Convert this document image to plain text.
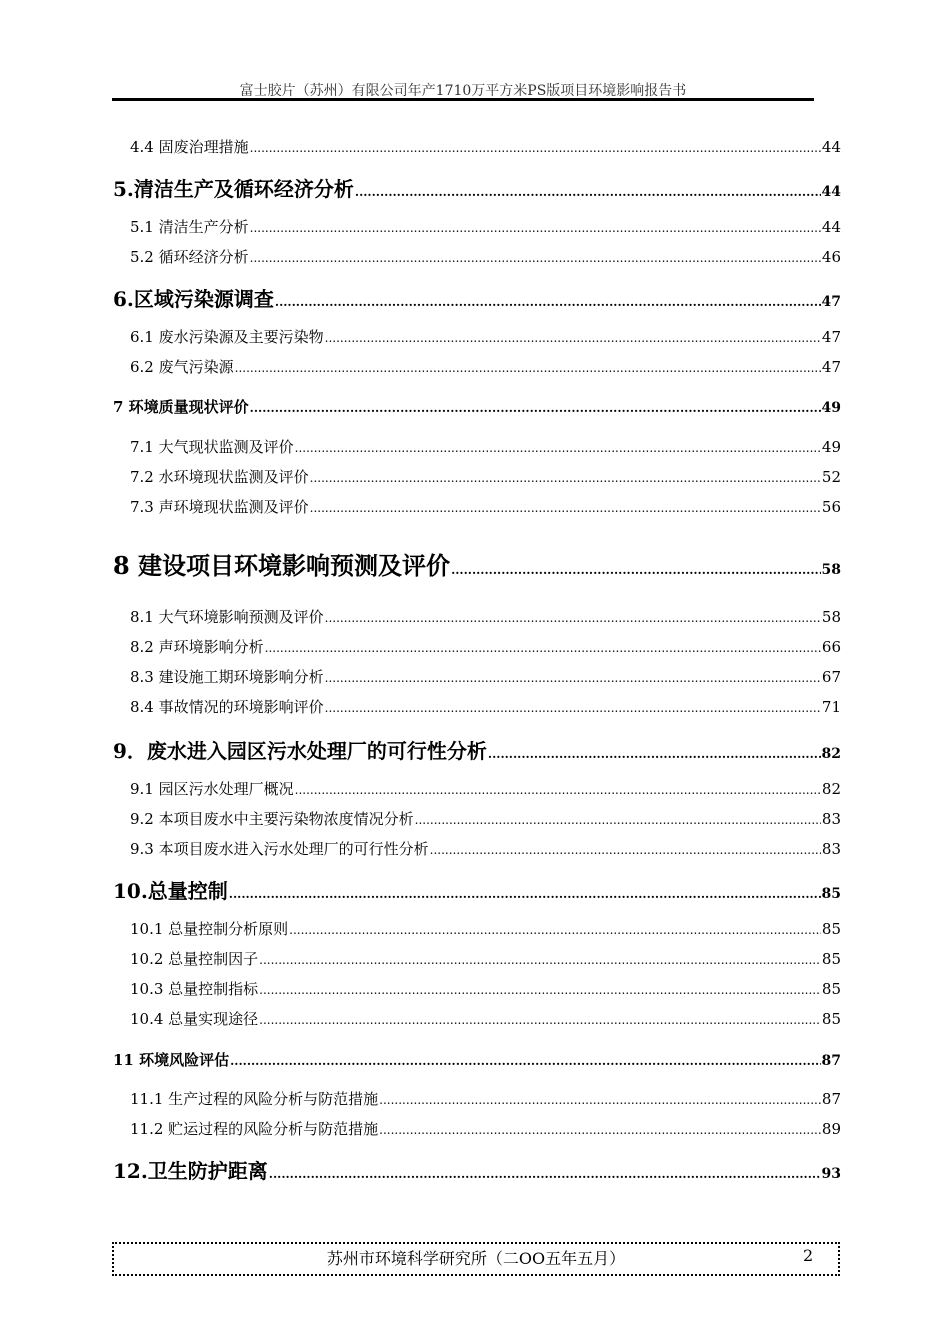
富士胶片（苏州）有限公司年产1710万平方米PS版项目环境影响报告书
4.4 固废治理措施 .....	44
5.清洁生产及循环经济分析 .....	44
5.1 清洁生产分析 .....	44
5.2 循环经济分析 .....	46
6.区域污染源调查 .....	47
6.1 废水污染源及主要污染物 .....	47
6.2 废气污染源 .....	47
7 环境质量现状评价 .....	49
7.1 大气现状监测及评价 .....	49
7.2 水环境现状监测及评价 .....	52
7.3 声环境现状监测及评价 .....	56
8 建设项目环境影响预测及评价 .....	58
8.1 大气环境影响预测及评价 .....	58
8.2 声环境影响分析 .....	66
8.3 建设施工期环境影响分析 .....	67
8.4 事故情况的环境影响评价 .....	71
9．废水进入园区污水处理厂的可行性分析 .....	82
9.1 园区污水处理厂概况 .....	82
9.2 本项目废水中主要污染物浓度情况分析 .....	83
9.3 本项目废水进入污水处理厂的可行性分析 .....	83
10.总量控制 .....	85
10.1 总量控制分析原则 .....	85
10.2 总量控制因子 .....	85
10.3 总量控制指标 .....	85
10.4 总量实现途径 .....	85
11 环境风险评估 .....	87
11.1 生产过程的风险分析与防范措施 .....	87
11.2 贮运过程的风险分析与防范措施 .....	89
12.卫生防护距离 .....	93
苏州市环境科学研究所（二OO五年五月）	2
